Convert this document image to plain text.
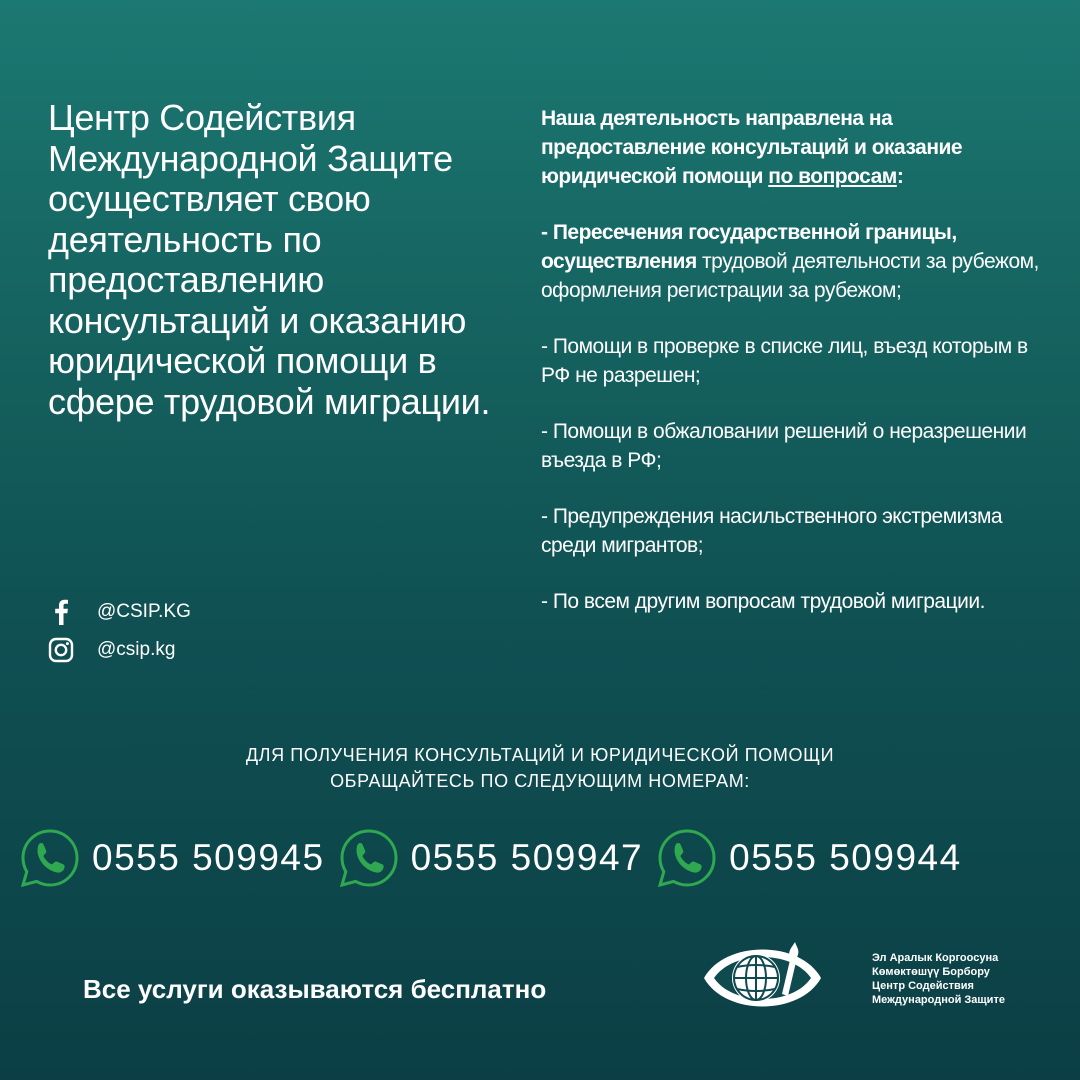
Центр Содействия Международной Защите осуществляет свою деятельность по предоставлению консультаций и оказанию юридической помощи в сфере трудовой миграции.

Наша деятельность направлена на предоставление консультаций и оказание юридической помощи по вопросам:

- Пересечения государственной границы, осуществления трудовой деятельности за рубежом, оформления регистрации за рубежом;

- Помощи в проверке в списке лиц, въезд которым в РФ не разрешен;

- Помощи в обжаловании решений о неразрешении въезда в РФ;

- Предупреждения насильственного экстремизма среди мигрантов;

- По всем другим вопросам трудовой миграции.

@CSIP.KG
@csip.kg
ДЛЯ ПОЛУЧЕНИЯ КОНСУЛЬТАЦИЙ И ЮРИДИЧЕСКОЙ ПОМОЩИ
ОБРАЩАЙТЕСЬ ПО СЛЕДУЮЩИМ НОМЕРАМ:
0555 509945 0555 509947 0555 509944
Все услуги оказываются бесплатно
Эл Аралык Коргоосуна
Көмөктөшүү Борбору
Центр Содействия
Международной Защите
